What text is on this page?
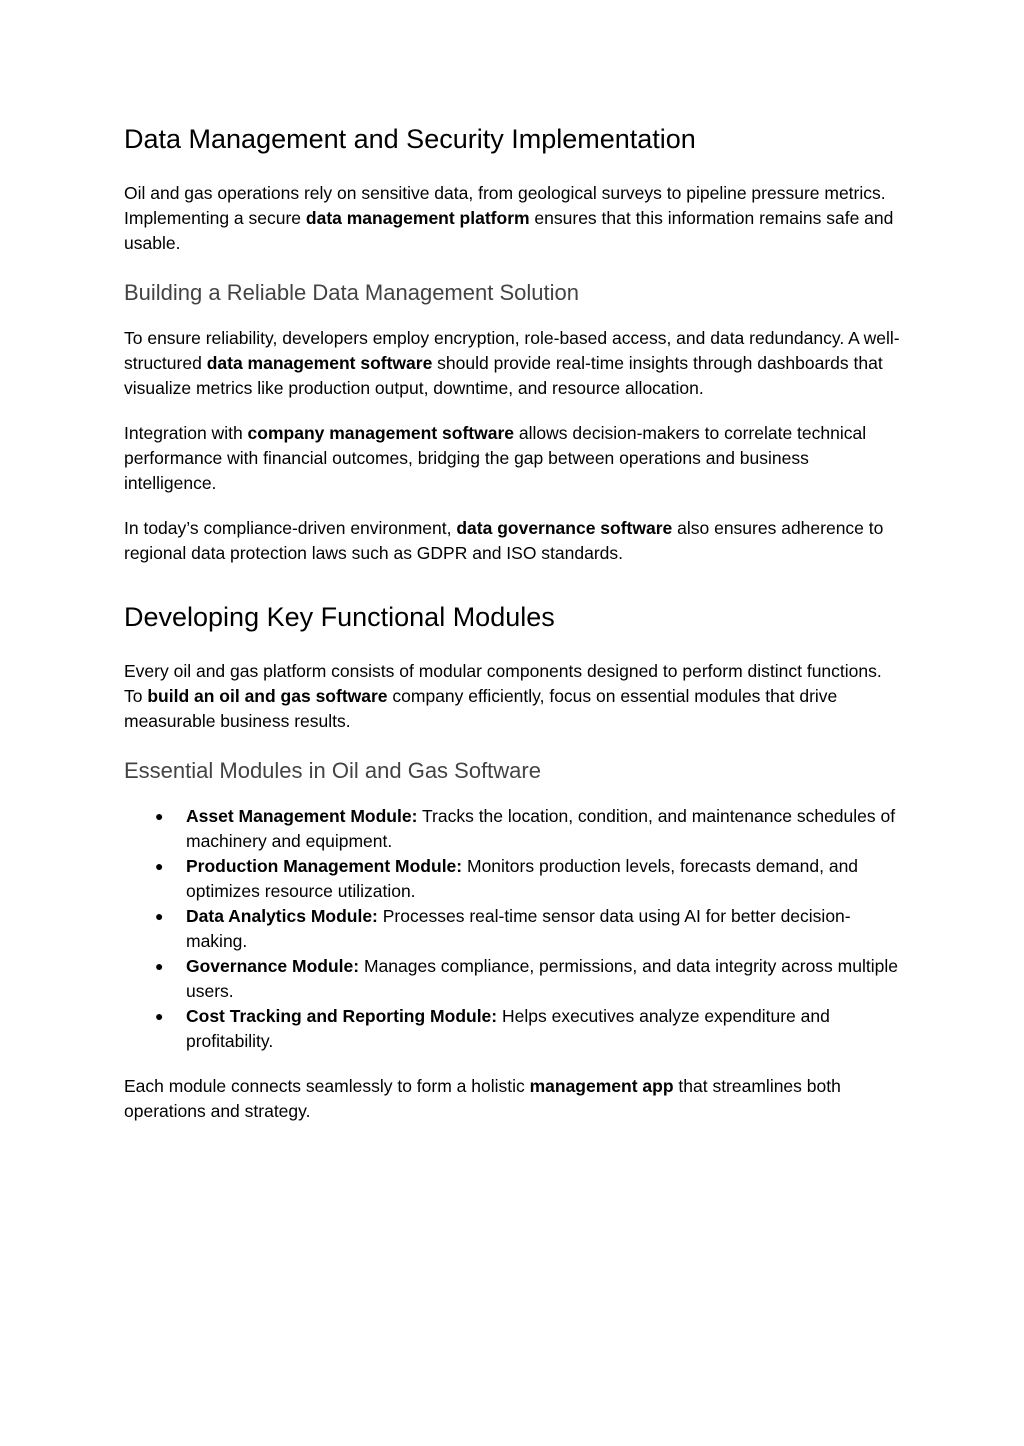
Data Management and Security Implementation

Oil and gas operations rely on sensitive data, from geological surveys to pipeline pressure metrics. Implementing a secure data management platform ensures that this information remains safe and usable.

Building a Reliable Data Management Solution

To ensure reliability, developers employ encryption, role-based access, and data redundancy. A well-structured data management software should provide real-time insights through dashboards that visualize metrics like production output, downtime, and resource allocation.

Integration with company management software allows decision-makers to correlate technical performance with financial outcomes, bridging the gap between operations and business intelligence.

In today’s compliance-driven environment, data governance software also ensures adherence to regional data protection laws such as GDPR and ISO standards.

Developing Key Functional Modules

Every oil and gas platform consists of modular components designed to perform distinct functions. To build an oil and gas software company efficiently, focus on essential modules that drive measurable business results.

Essential Modules in Oil and Gas Software
● Asset Management Module: Tracks the location, condition, and maintenance schedules of machinery and equipment.
● Production Management Module: Monitors production levels, forecasts demand, and optimizes resource utilization.
● Data Analytics Module: Processes real-time sensor data using AI for better decision-making.
● Governance Module: Manages compliance, permissions, and data integrity across multiple users.
● Cost Tracking and Reporting Module: Helps executives analyze expenditure and profitability.

Each module connects seamlessly to form a holistic management app that streamlines both operations and strategy.
